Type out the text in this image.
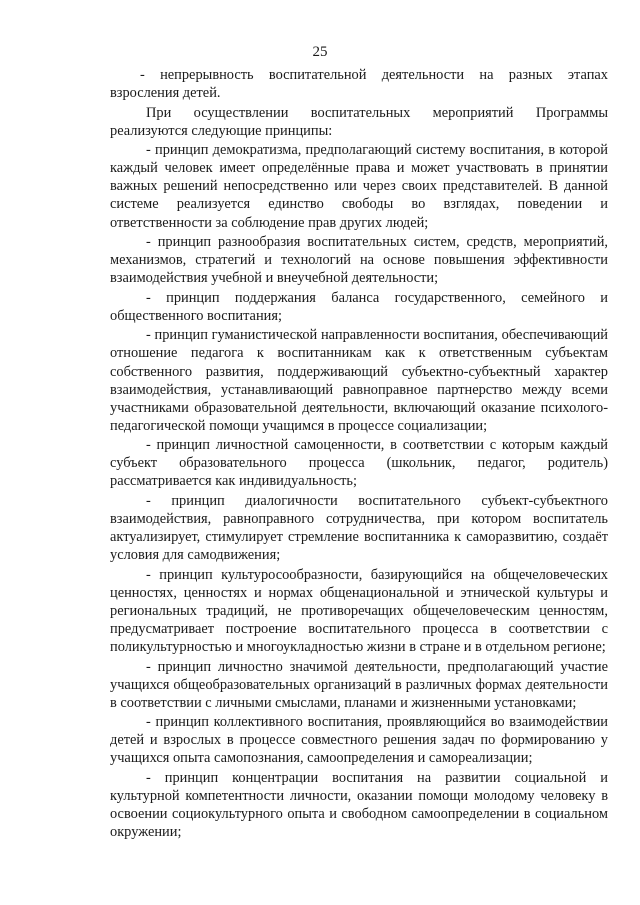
25

- непрерывность воспитательной деятельности на разных этапах взросления детей.

При осуществлении воспитательных мероприятий Программы реализуются следующие принципы:

- принцип демократизма, предполагающий систему воспитания, в которой каждый человек имеет определённые права и может участвовать в принятии важных решений непосредственно или через своих представителей. В данной системе реализуется единство свободы во взглядах, поведении и ответственности за соблюдение прав других людей;

- принцип разнообразия воспитательных систем, средств, мероприятий, механизмов, стратегий и технологий на основе повышения эффективности взаимодействия учебной и внеучебной деятельности;

- принцип поддержания баланса государственного, семейного и общественного воспитания;

- принцип гуманистической направленности воспитания, обеспечивающий отношение педагога к воспитанникам как к ответственным субъектам собственного развития, поддерживающий субъектно-субъектный характер взаимодействия, устанавливающий равноправное партнерство между всеми участниками образовательной деятельности, включающий оказание психолого-педагогической помощи учащимся в процессе социализации;

- принцип личностной самоценности, в соответствии с которым каждый субъект образовательного процесса (школьник, педагог, родитель) рассматривается как индивидуальность;

- принцип диалогичности воспитательного субъект-субъектного взаимодействия, равноправного сотрудничества, при котором воспитатель актуализирует, стимулирует стремление воспитанника к саморазвитию, создаёт условия для самодвижения;

- принцип культуросообразности, базирующийся на общечеловеческих ценностях, ценностях и нормах общенациональной и этнической культуры и региональных традиций, не противоречащих общечеловеческим ценностям, предусматривает построение воспитательного процесса в соответствии с поликультурностью и многоукладностью жизни в стране и в отдельном регионе;

- принцип личностно значимой деятельности, предполагающий участие учащихся общеобразовательных организаций в различных формах деятельности в соответствии с личными смыслами, планами и жизненными установками;

- принцип коллективного воспитания, проявляющийся во взаимодействии детей и взрослых в процессе совместного решения задач по формированию у учащихся опыта самопознания, самоопределения и самореализации;

- принцип концентрации воспитания на развитии социальной и культурной компетентности личности, оказании помощи молодому человеку в освоении социокультурного опыта и свободном самоопределении в социальном окружении;
